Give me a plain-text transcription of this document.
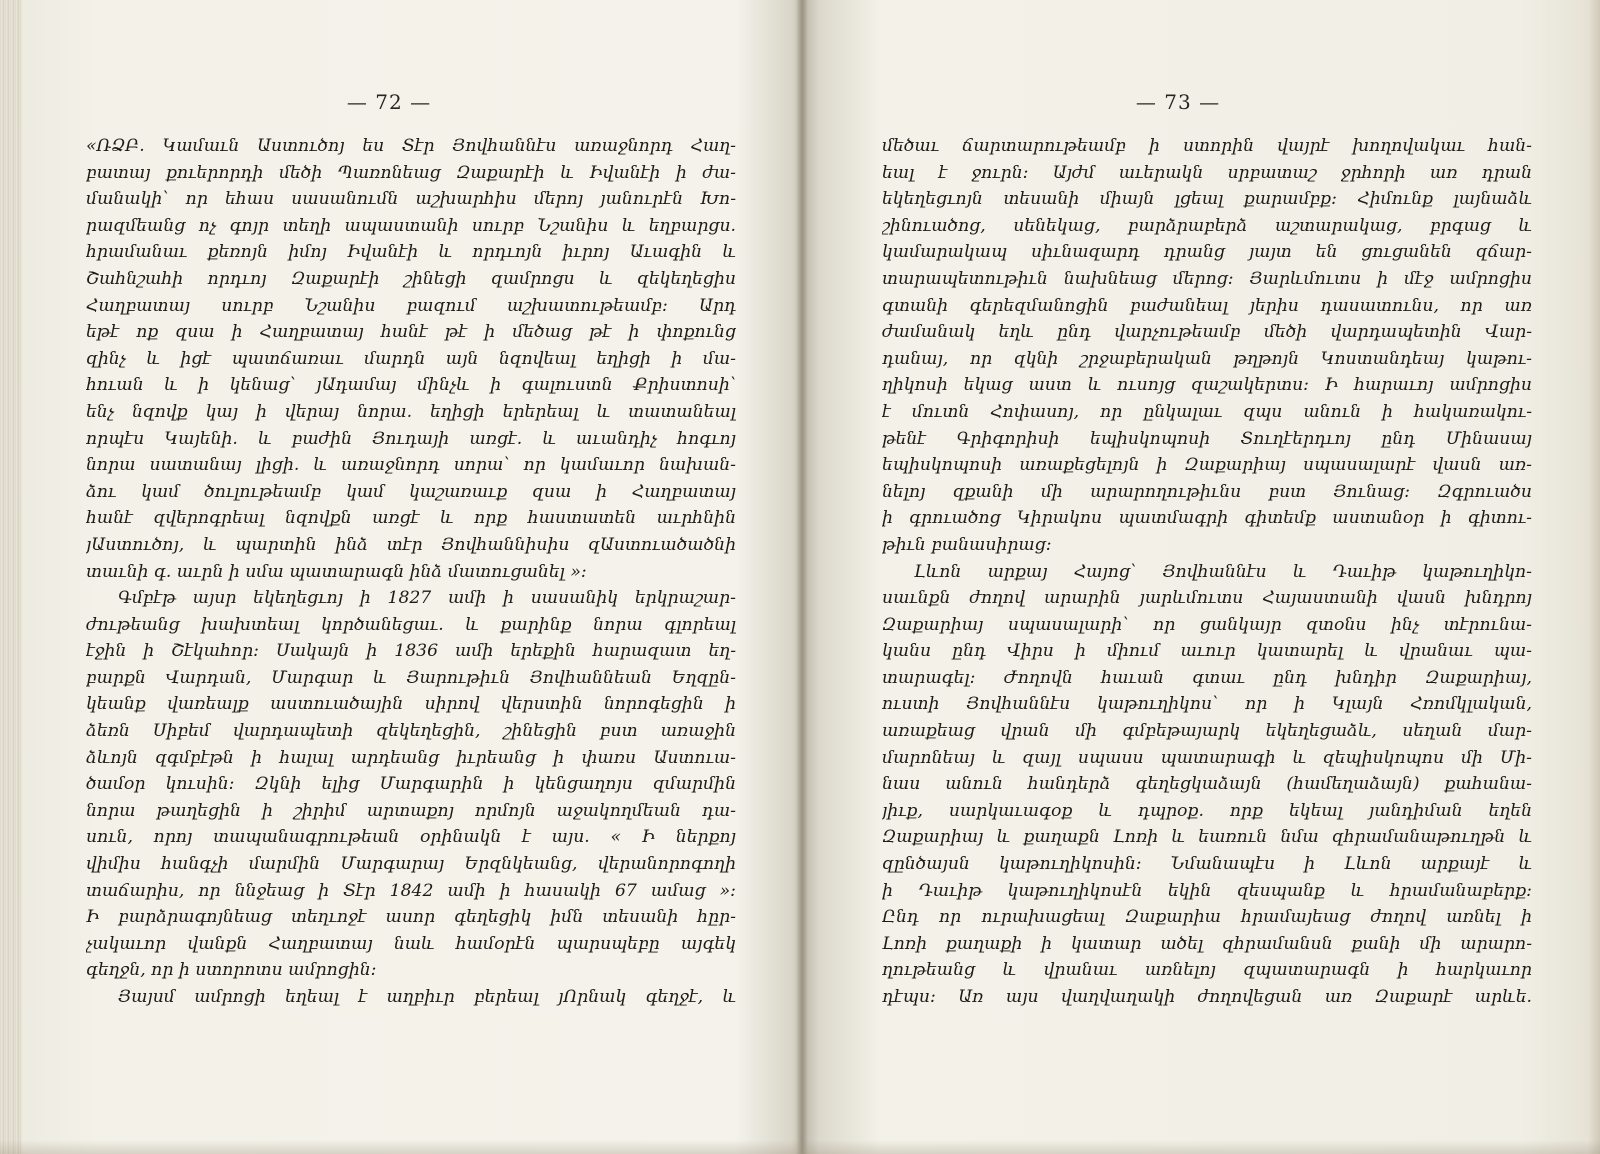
— 72 —
«ՌՁԲ. Կամաւն Աստուծոյ ես Տէր Յովհաննէս առաջնորդ Հաղ-
բատայ քուերորդի մեծի Պառոնեաց Զաքարէի և Իվանէի ի ժա-
մանակի՝ որ եհաս սասանումն աշխարհիս մերոյ յանուրէն Խո-
րազմեանց ոչ գոյր տեղի ապաստանի սուրբ Նշանիս և եղբարցս.
հրամանաւ քեռոյն իմոյ Իվանէի և որդւոյն իւրոյ Աւագին և
Շահնշահի որդւոյ Զաքարէի շինեցի զամրոցս և զեկեղեցիս
Հաղբատայ սուրբ Նշանիս բազում աշխատութեամբ։ Արդ
եթէ ոք զսա ի Հաղբատայ հանէ թէ ի մեծաց թէ ի փոքունց
զինչ և իցէ պատճառաւ մարդն այն նզովեալ եղիցի ի մա-
հուան և ի կենաց՝ յԱդամայ մինչև ի գալուստն Քրիստոսի՝
ենչ նզովք կայ ի վերայ նորա. եղիցի երերեալ և տատանեալ
որպէս Կայենի. և բաժին Յուդայի առցէ. և աւանդիչ հոգւոյ
նորա սատանայ լիցի. և առաջնորդ սորա՝ որ կամաւոր նախան-
ձու կամ ծուլութեամբ կամ կաշառաւք զսա ի Հաղբատայ
հանէ զվերոգրեալ նզովքն առցէ և որք հաստատեն աւրհնին
յԱստուծոյ, և պարտին ինձ տէր Յովհաննիսիս զԱստուածածնի
տաւնի գ. աւրն ի սմա պատարագն ինձ մատուցանել »։
Գմբէթ այսր եկեղեցւոյ ի 1827 ամի ի սասանիկ երկրաշար-
ժութեանց խախտեալ կործանեցաւ. և քարինք նորա գլորեալ
էջին ի Շէկահոր։ Սակայն ի 1836 ամի երեքին հարազատ եղ-
բարքն Վարդան, Մարգար և Յարութիւն Յովհաննեան Եղզըն-
կեանք վառեալք աստուածային սիրով վերստին նորոգեցին ի
ձեռն Սիբեմ վարդապետի զեկեղեցին, շինեցին բստ առաջին
ձևոյն զգմբէթն ի հալալ արդեանց իւրեանց ի փառս Աստուա-
ծամօր կուսին։ Զկնի ելից Մարգարին ի կենցաղոյս զմարմին
նորա թաղեցին ի շիրիմ արտաքոյ որմոյն աջակողմեան դա-
սուն, որոյ տապանագրութեան օրինակն է այս. « Ի ներքոյ
վիմիս հանգչի մարմին Մարգարայ Երզնկեանց, վերանորոգողի
տաճարիս, որ ննջեաց ի Տէր 1842 ամի ի հասակի 67 ամաց »։
Ի բարձրագոյնեաց տեղւոջէ ասոր գեղեցիկ իմն տեսանի հըր-
չակաւոր վանքն Հաղբատայ նաև համօրէն պարսպեբը այգեկ
գեղջն, որ ի ստորոտս ամրոցին։
Յայսմ ամրոցի եղեալ է աղբիւր բերեալ յՈրնակ գեղջէ, և
— 73 —
մեծաւ ճարտարութեամբ ի ստորին վայրէ խողովակաւ հան-
եալ է ջուրն։ Այժմ աւերակն սրբատաշ ջրհորի առ դրան
եկեղեցւոյն տեսանի միայն լցեալ քարամբք։ Հիմունք լայնաձև
շինուածոց, սենեկաց, բարձրաբերձ աշտարակաց, բրգաց և
կամարակապ սիւնազարդ դրանց յայտ են ցուցանեն զճար-
տարապետութիւն նախնեաց մերոց։ Յարևմուտս ի մէջ ամրոցիս
գտանի գերեզմանոցին բաժանեալ յերիս դասատունս, որ առ
ժամանակ եղև ընդ վարչութեամբ մեծի վարդապետին Վար-
դանայ, որ զկնի շրջաբերական թղթոյն Կոստանդեայ կաթու-
ղիկոսի եկաց աստ և ուսոյց զաշակերտս։ Ի հարաւոյ ամրոցիս
է մուտն Հոփասոյ, որ ընկալաւ զպս անուն ի հակառակու-
թենէ Գրիգորիսի եպիսկոպոսի Տուղէերդւոյ ընդ Մինասայ
եպիսկոպոսի առաքեցելոյն ի Զաքարիայ սպասալարէ վասն առ-
նելոյ զքանի մի արարողութիւնս բստ Յունաց։ Զգրուածս
ի գրուածոց Կիրակոս պատմագրի գիտեմք աստանօր ի գիտու-
թիւն բանասիրաց։
Լևոն արքայ Հայոց՝ Յովհաննէս և Դաւիթ կաթուղիկո-
սաւնքն ժողով արարին յարևմուտս Հայաստանի վասն խնդրոյ
Զաքարիայ սպասալարի՝ որ ցանկայր զտօնս ինչ տէրունա-
կանս ընդ Վիրս ի միում աւուր կատարել և վրանաւ պա-
տարագել։ Ժողովն հաւան գտաւ ընդ խնդիր Զաքարիայ,
ուստի Յովհաննէս կաթուղիկոս՝ որ ի Կլայն Հռոմկլական,
առաքեաց վրան մի գմբեթայարկ եկեղեցաձև, սեղան մար-
մարոնեայ և զայլ սպասս պատարագի և զեպիսկոպոս մի Մի-
նաս անուն հանդերձ գեղեցկաձայն (համեղաձայն) քահանա-
յիւք, սարկաւագօք և դպրօք. որք եկեալ յանդիման եղեն
Զաքարիայ և քաղաքն Լոռի և եառուն նմա զհրամանաթուղթն և
զընծայսն կաթուղիկոսին։ Նմանապէս ի Լևոն արքայէ և
ի Դաւիթ կաթուղիկոսէն եկին զեսպանք և հրամանաբերք։
Ընդ որ ուրախացեալ Զաքարիա հրամայեաց ժողով առնել ի
Լոռի քաղաքի ի կատար ածել զհրամանսն քանի մի արարո-
ղութեանց և վրանաւ առնելոյ զպատարագն ի հարկաւոր
դէպս։ Առ այս վաղվաղակի ժողովեցան առ Զաքարէ արևե.
